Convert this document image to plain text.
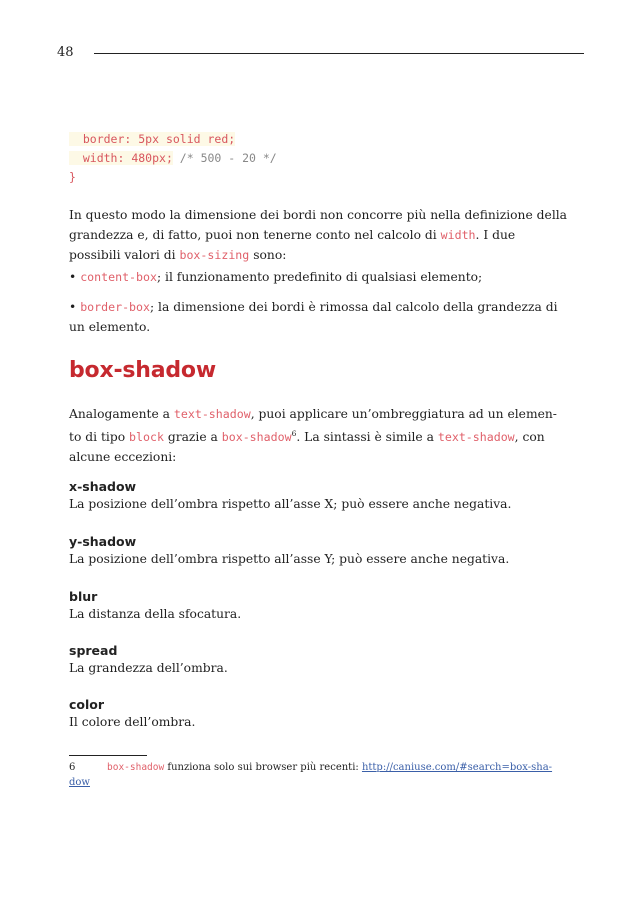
48
border: 5px solid red;
width: 480px; /* 500 - 20 */
}
In questo modo la dimensione dei bordi non concorre più nella definizione della grandezza e, di fatto, puoi non tenerne conto nel calcolo di width. I due possibili valori di box-sizing sono:
• content-box; il funzionamento predefinito di qualsiasi elemento;
• border-box; la dimensione dei bordi è rimossa dal calcolo della grandezza di un elemento.
box-shadow
Analogamente a text-shadow, puoi applicare un’ombreggiatura ad un elemen-to di tipo block grazie a box-shadow$^6$. La sintassi è simile a text-shadow, con alcune eccezioni:
x-shadow
La posizione dell’ombra rispetto all’asse X; può essere anche negativa.
y-shadow
La posizione dell’ombra rispetto all’asse Y; può essere anche negativa.
blur
La distanza della sfocatura.
spread
La grandezza dell’ombra.
color
Il colore dell’ombra.
6	box-shadow funziona solo sui browser più recenti: http://caniuse.com/#search=box-sha-dow
